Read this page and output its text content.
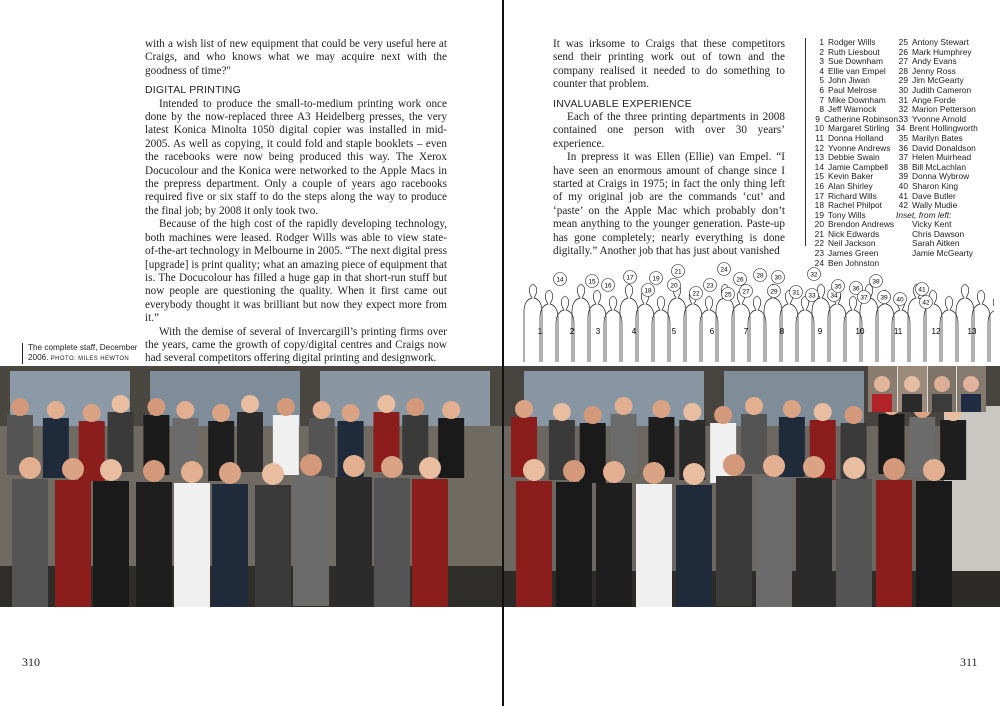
with a wish list of new equipment that could be very useful here at Craigs, and who knows what we may acquire next with the goodness of time?"

DIGITAL PRINTING

Intended to produce the small-to-medium printing work once done by the now-replaced three A3 Heidelberg presses, the very latest Konica Minolta 1050 digital copier was installed in mid-2005. As well as copying, it could fold and staple booklets – even the racebooks were now being produced this way. The Xerox Docucolour and the Konica were networked to the Apple Macs in the prepress department. Only a couple of years ago racebooks required five or six staff to do the steps along the way to produce the final job; by 2008 it only took two.

Because of the high cost of the rapidly developing technology, both machines were leased. Rodger Wills was able to view state-of-the-art technology in Melbourne in 2005. “The next digital press [upgrade] is print quality; what an amazing piece of equipment that is. The Docucolour has filled a huge gap in that short-run stuff but now people are questioning the quality. When it first came out everybody thought it was brilliant but now they expect more from it.”

With the demise of several of Invercargill’s printing firms over the years, came the growth of copy/digital centres and Craigs now had several competitors offering digital printing and designwork.

The complete staff, December 2006. PHOTO: MILES HEWTON
310	311

It was irksome to Craigs that these competitors send their printing work out of town and the company realised it needed to do something to counter that problem.

INVALUABLE EXPERIENCE

Each of the three printing departments in 2008 contained one person with over 30 years’ experience.

In prepress it was Ellen (Ellie) van Empel. “I have seen an enormous amount of change since I started at Craigs in 1975; in fact the only thing left of my original job are the commands ‘cut’ and ‘paste’ on the Apple Mac which probably don’t mean anything to the younger generation. Paste-up has gone completely; nearly everything is done digitally.” Another job that has just about vanished

1 Rodger Wills
2 Ruth Liesbout
3 Sue Downham
4 Ellie van Empel
5 John Jiwan
6 Paul Melrose
7 Mike Downham
8 Jeff Warnock
9 Catherine Robinson
10 Margaret Stirling
11 Donna Holland
12 Yvonne Andrews
13 Debbie Swain
14 Jamie Campbell
15 Kevin Baker
16 Alan Shirley
17 Richard Wills
18 Rachel Philpot
19 Tony Wills
20 Brendon Andrews
21 Nick Edwards
22 Neil Jackson
23 James Green
24 Ben Johnston
25 Antony Stewart
26 Mark Humphrey
27 Andy Evans
28 Jenny Ross
29 Jim McGearty
30 Judith Cameron
31 Ange Forde
32 Marion Petterson
33 Yvonne Arnold
34 Brent Hollingworth
35 Marilyn Bates
36 David Donaldson
37 Helen Muirhead
38 Bill McLachlan
39 Donna Wybrow
40 Sharon King
41 Dave Butler
42 Wally Mudie
Inset, from left:
Vicky Kent
Chris Dawson
Sarah Aitken
Jamie McGearty
1	2	3	4	5	6	7	8	9	10	11	12	13
14	15
16
17
18
19
20
21
22
23
24
25
26
27
28
29
30
31
32
33 34
35 36
37
38
39 40
41
42
